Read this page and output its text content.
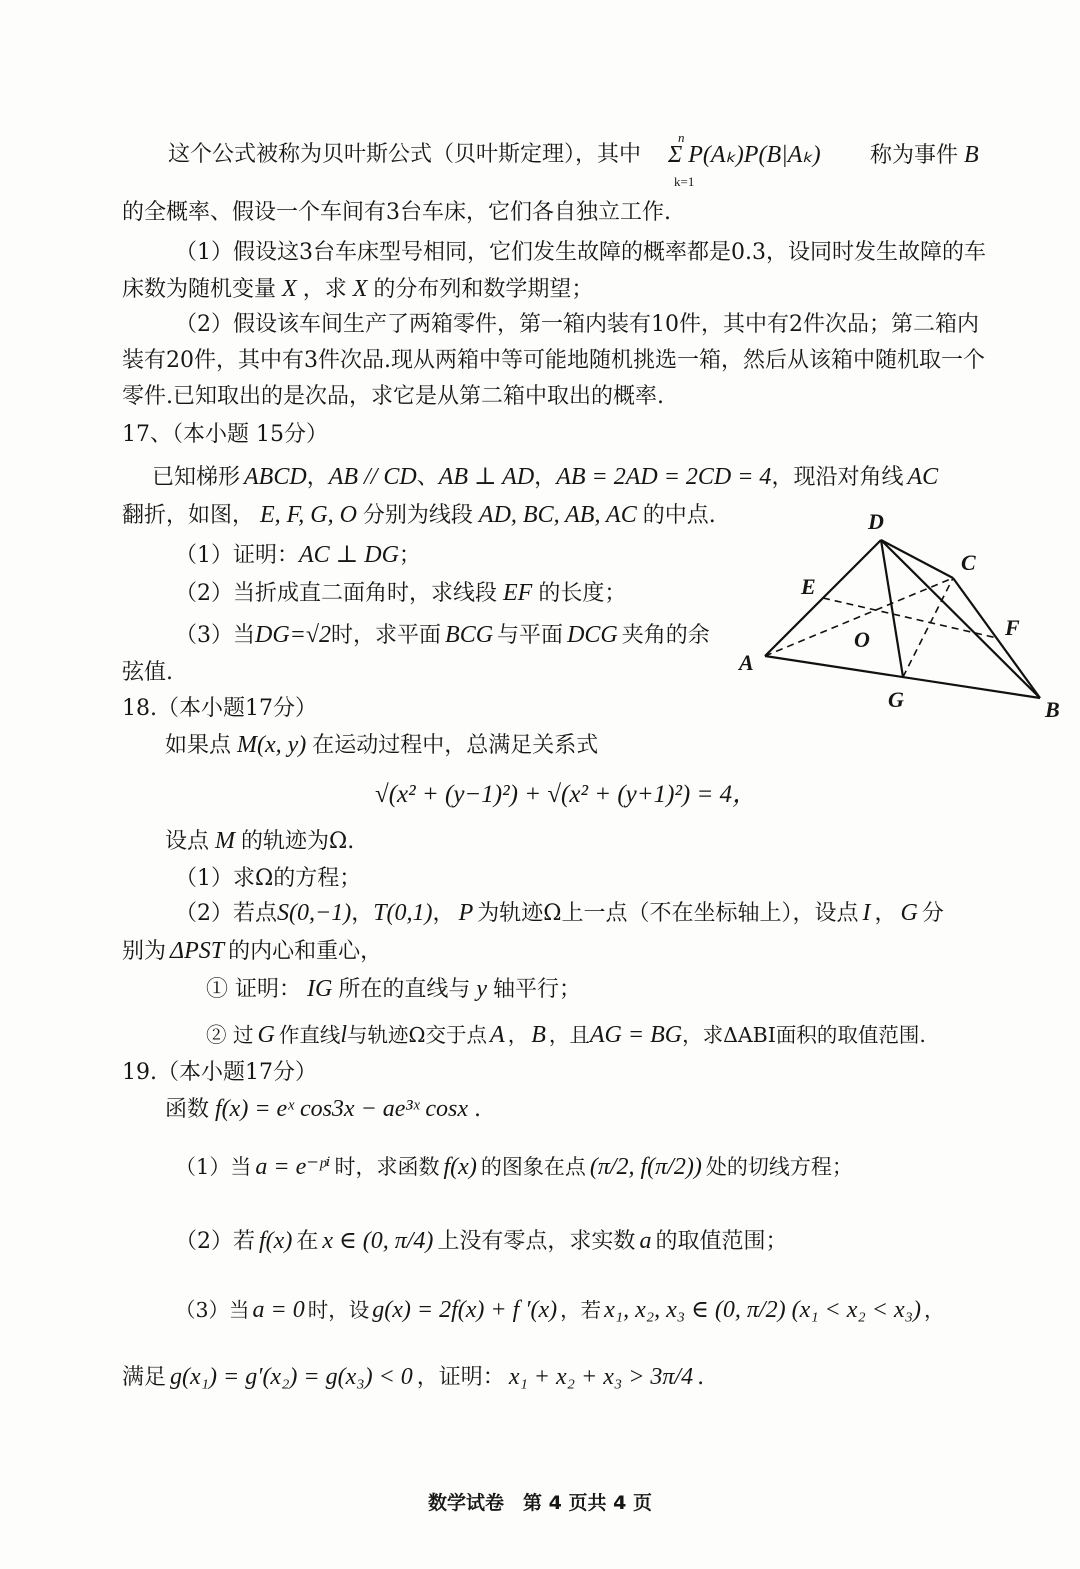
这个公式被称为贝叶斯公式（贝叶斯定理），其中
n
Σ P(Aₖ)P(B|Aₖ)
k=1
称为事件 B
的全概率、假设一个车间有3台车床，它们各自独立工作.
（1）假设这3台车床型号相同，它们发生故障的概率都是0.3，设同时发生故障的车
床数为随机变量 X ，求 X 的分布列和数学期望；
（2）假设该车间生产了两箱零件，第一箱内装有10件，其中有2件次品；第二箱内
装有20件，其中有3件次品.现从两箱中等可能地随机挑选一箱，然后从该箱中随机取一个
零件.已知取出的是次品，求它是从第二箱中取出的概率.
17、（本小题 15分）
已知梯形 ABCD，AB // CD、AB ⊥ AD，AB = 2AD = 2CD = 4，现沿对角线 AC
翻折，如图， E, F, G, O 分别为线段 AD, BC, AB, AC 的中点.
（1）证明：AC ⊥ DG；
（2）当折成直二面角时，求线段 EF 的长度；
（3）当DG=√2时，求平面 BCG 与平面 DCG 夹角的余
弦值.
D
C
E
O	F
A
G	B
18.（本小题17分）
如果点 M(x, y) 在运动过程中，总满足关系式
√(x² + (y−1)²) + √(x² + (y+1)²) = 4，
设点 M 的轨迹为Ω.
（1）求Ω的方程；
（2）若点S(0,−1)，T(0,1)， P 为轨迹Ω上一点（不在坐标轴上），设点 I ， G 分
别为 ΔPST 的内心和重心，
① 证明： IG 所在的直线与 y 轴平行；
② 过 G 作直线l与轨迹Ω交于点 A ， B ，且AG = BG，求ΔABI面积的取值范围.
19.（本小题17分）
函数 f(x) = eˣ cos3x − ae³ˣ cosx .
（1）当 a = e⁻ᵖⁱ 时，求函数 f(x) 的图象在点 (π/2, f(π/2)) 处的切线方程；
（2）若 f(x) 在 x ∈ (0, π/4) 上没有零点，求实数 a 的取值范围；
（3）当 a = 0 时，设 g(x) = 2f(x) + f ′(x) ，若 x₁, x₂, x₃ ∈ (0, π/2) (x₁ < x₂ < x₃) ，
满足 g(x₁) = g′(x₂) = g(x₃) < 0 ，证明： x₁ + x₂ + x₃ > 3π/4 .
数学试卷　第 4 页共 4 页
